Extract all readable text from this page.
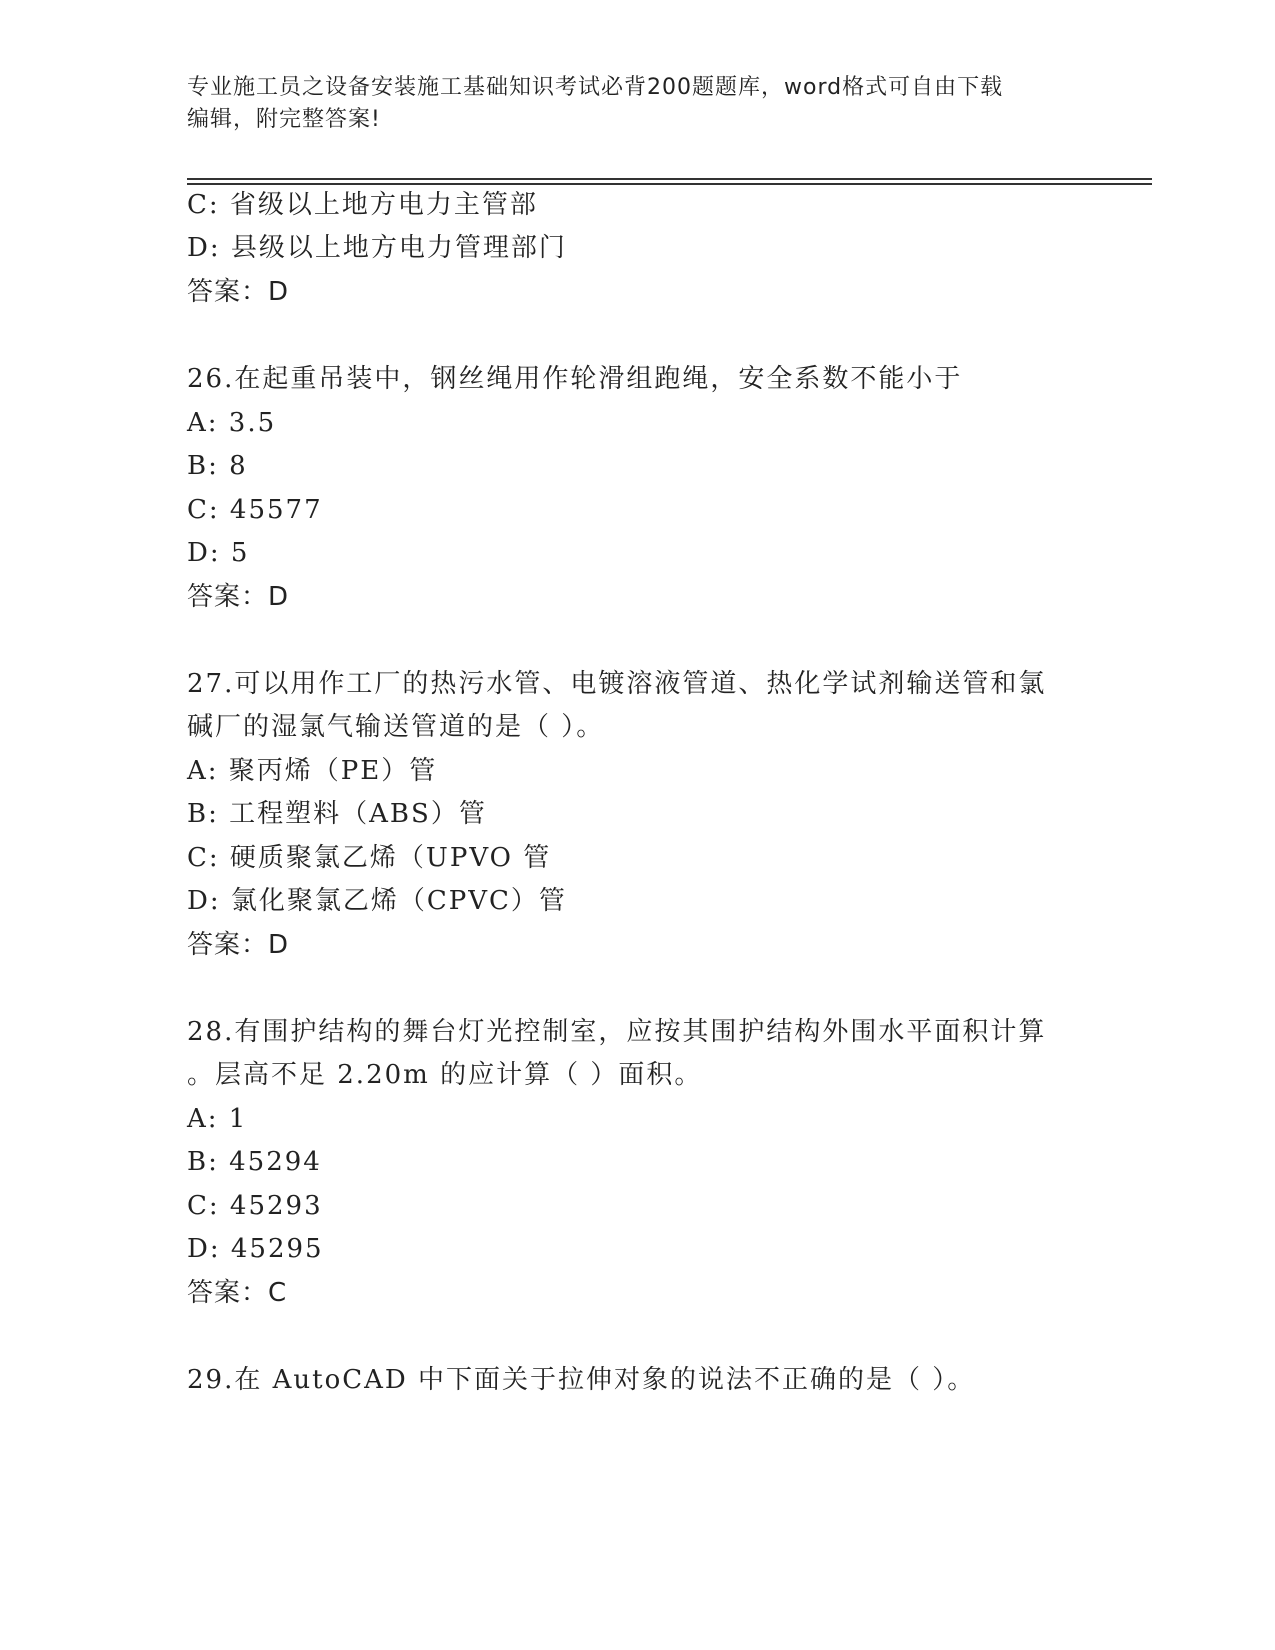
专业施工员之设备安装施工基础知识考试必背200题题库，word格式可自由下载
编辑，附完整答案!
C: 省级以上地方电力主管部
D: 县级以上地方电力管理部门
答案：D
26.在起重吊装中，钢丝绳用作轮滑组跑绳，安全系数不能小于
A: 3.5
B: 8
C: 45577
D: 5
答案：D
27.可以用作工厂的热污水管、电镀溶液管道、热化学试剂输送管和氯
碱厂的湿氯气输送管道的是（ ）。
A: 聚丙烯（PE）管
B: 工程塑料（ABS）管
C: 硬质聚氯乙烯（UPVO 管
D: 氯化聚氯乙烯（CPVC）管
答案：D
28.有围护结构的舞台灯光控制室，应按其围护结构外围水平面积计算
。层高不足 2.20m 的应计算（ ）面积。
A: 1
B: 45294
C: 45293
D: 45295
答案：C
29.在 AutoCAD 中下面关于拉伸对象的说法不正确的是（ ）。
